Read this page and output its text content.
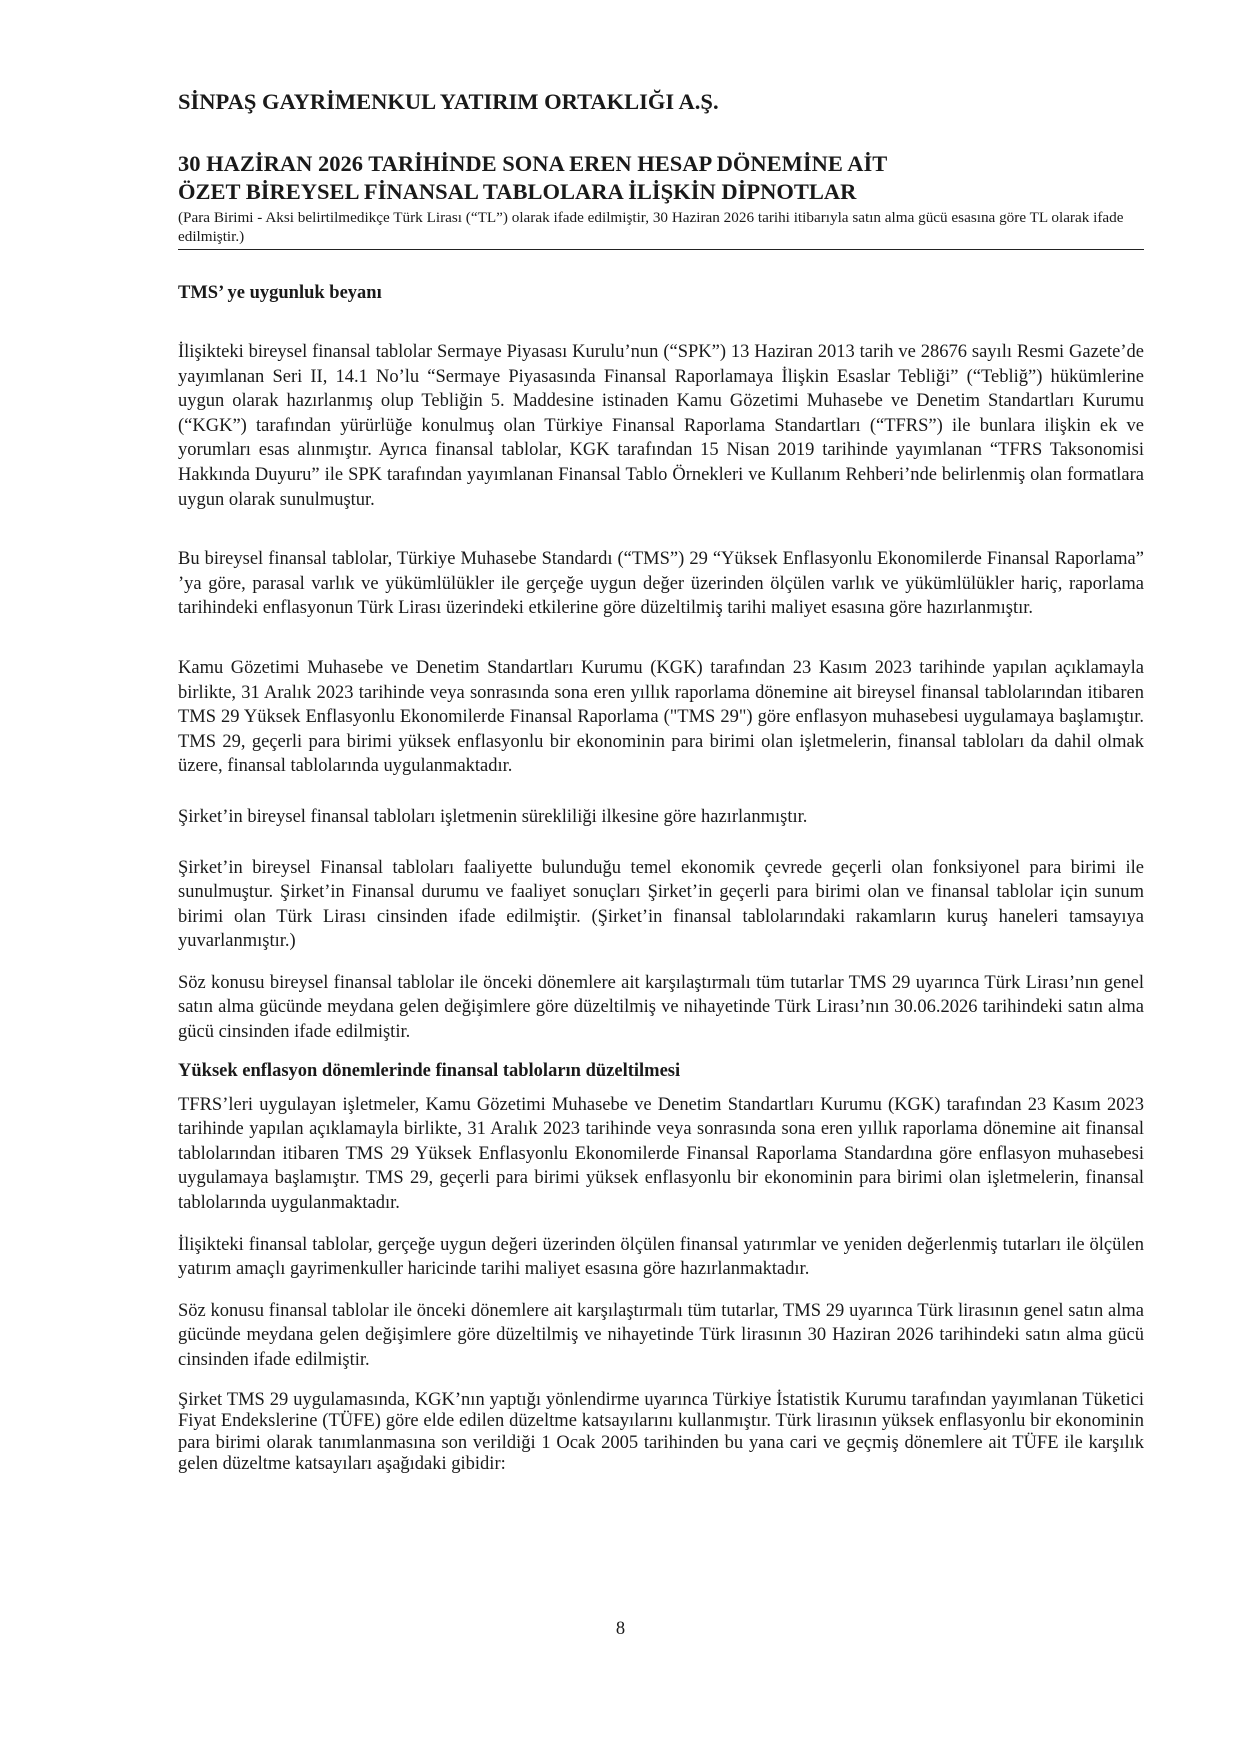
SİNPAŞ GAYRİMENKUL YATIRIM ORTAKLIĞI A.Ş.
30 HAZİRAN 2026 TARİHİNDE SONA EREN HESAP DÖNEMİNE AİT
ÖZET BİREYSEL FİNANSAL TABLOLARA İLİŞKİN DİPNOTLAR
(Para Birimi - Aksi belirtilmedikçe Türk Lirası (“TL”) olarak ifade edilmiştir, 30 Haziran 2026 tarihi itibarıyla satın alma gücü esasına göre TL olarak ifade edilmiştir.)
TMS’ ye uygunluk beyanı

İlişikteki bireysel finansal tablolar Sermaye Piyasası Kurulu’nun (“SPK”) 13 Haziran 2013 tarih ve 28676 sayılı Resmi Gazete’de yayımlanan Seri II, 14.1 No’lu “Sermaye Piyasasında Finansal Raporlamaya İlişkin Esaslar Tebliği” (“Tebliğ”) hükümlerine uygun olarak hazırlanmış olup Tebliğin 5. Maddesine istinaden Kamu Gözetimi Muhasebe ve Denetim Standartları Kurumu (“KGK”) tarafından yürürlüğe konulmuş olan Türkiye Finansal Raporlama Standartları (“TFRS”) ile bunlara ilişkin ek ve yorumları esas alınmıştır. Ayrıca finansal tablolar, KGK tarafından 15 Nisan 2019 tarihinde yayımlanan “TFRS Taksonomisi Hakkında Duyuru” ile SPK tarafından yayımlanan Finansal Tablo Örnekleri ve Kullanım Rehberi’nde belirlenmiş olan formatlara uygun olarak sunulmuştur.

Bu bireysel finansal tablolar, Türkiye Muhasebe Standardı (“TMS”) 29 “Yüksek Enflasyonlu Ekonomilerde Finansal Raporlama” ’ya göre, parasal varlık ve yükümlülükler ile gerçeğe uygun değer üzerinden ölçülen varlık ve yükümlülükler hariç, raporlama tarihindeki enflasyonun Türk Lirası üzerindeki etkilerine göre düzeltilmiş tarihi maliyet esasına göre hazırlanmıştır.

Kamu Gözetimi Muhasebe ve Denetim Standartları Kurumu (KGK) tarafından 23 Kasım 2023 tarihinde yapılan açıklamayla birlikte, 31 Aralık 2023 tarihinde veya sonrasında sona eren yıllık raporlama dönemine ait bireysel finansal tablolarından itibaren TMS 29 Yüksek Enflasyonlu Ekonomilerde Finansal Raporlama ("TMS 29") göre enflasyon muhasebesi uygulamaya başlamıştır. TMS 29, geçerli para birimi yüksek enflasyonlu bir ekonominin para birimi olan işletmelerin, finansal tabloları da dahil olmak üzere, finansal tablolarında uygulanmaktadır.

Şirket’in bireysel finansal tabloları işletmenin sürekliliği ilkesine göre hazırlanmıştır.

Şirket’in bireysel Finansal tabloları faaliyette bulunduğu temel ekonomik çevrede geçerli olan fonksiyonel para birimi ile sunulmuştur. Şirket’in Finansal durumu ve faaliyet sonuçları Şirket’in geçerli para birimi olan ve finansal tablolar için sunum birimi olan Türk Lirası cinsinden ifade edilmiştir. (Şirket’in finansal tablolarındaki rakamların kuruş haneleri tamsayıya yuvarlanmıştır.)

Söz konusu bireysel finansal tablolar ile önceki dönemlere ait karşılaştırmalı tüm tutarlar TMS 29 uyarınca Türk Lirası’nın genel satın alma gücünde meydana gelen değişimlere göre düzeltilmiş ve nihayetinde Türk Lirası’nın 30.06.2026 tarihindeki satın alma gücü cinsinden ifade edilmiştir.

Yüksek enflasyon dönemlerinde finansal tabloların düzeltilmesi

TFRS’leri uygulayan işletmeler, Kamu Gözetimi Muhasebe ve Denetim Standartları Kurumu (KGK) tarafından 23 Kasım 2023 tarihinde yapılan açıklamayla birlikte, 31 Aralık 2023 tarihinde veya sonrasında sona eren yıllık raporlama dönemine ait finansal tablolarından itibaren TMS 29 Yüksek Enflasyonlu Ekonomilerde Finansal Raporlama Standardına göre enflasyon muhasebesi uygulamaya başlamıştır. TMS 29, geçerli para birimi yüksek enflasyonlu bir ekonominin para birimi olan işletmelerin, finansal tablolarında uygulanmaktadır.

İlişikteki finansal tablolar, gerçeğe uygun değeri üzerinden ölçülen finansal yatırımlar ve yeniden değerlenmiş tutarları ile ölçülen yatırım amaçlı gayrimenkuller haricinde tarihi maliyet esasına göre hazırlanmaktadır.

Söz konusu finansal tablolar ile önceki dönemlere ait karşılaştırmalı tüm tutarlar, TMS 29 uyarınca Türk lirasının genel satın alma gücünde meydana gelen değişimlere göre düzeltilmiş ve nihayetinde Türk lirasının 30 Haziran 2026 tarihindeki satın alma gücü cinsinden ifade edilmiştir.

Şirket TMS 29 uygulamasında, KGK’nın yaptığı yönlendirme uyarınca Türkiye İstatistik Kurumu tarafından yayımlanan Tüketici Fiyat Endekslerine (TÜFE) göre elde edilen düzeltme katsayılarını kullanmıştır. Türk lirasının yüksek enflasyonlu bir ekonominin para birimi olarak tanımlanmasına son verildiği 1 Ocak 2005 tarihinden bu yana cari ve geçmiş dönemlere ait TÜFE ile karşılık gelen düzeltme katsayıları aşağıdaki gibidir:

8
